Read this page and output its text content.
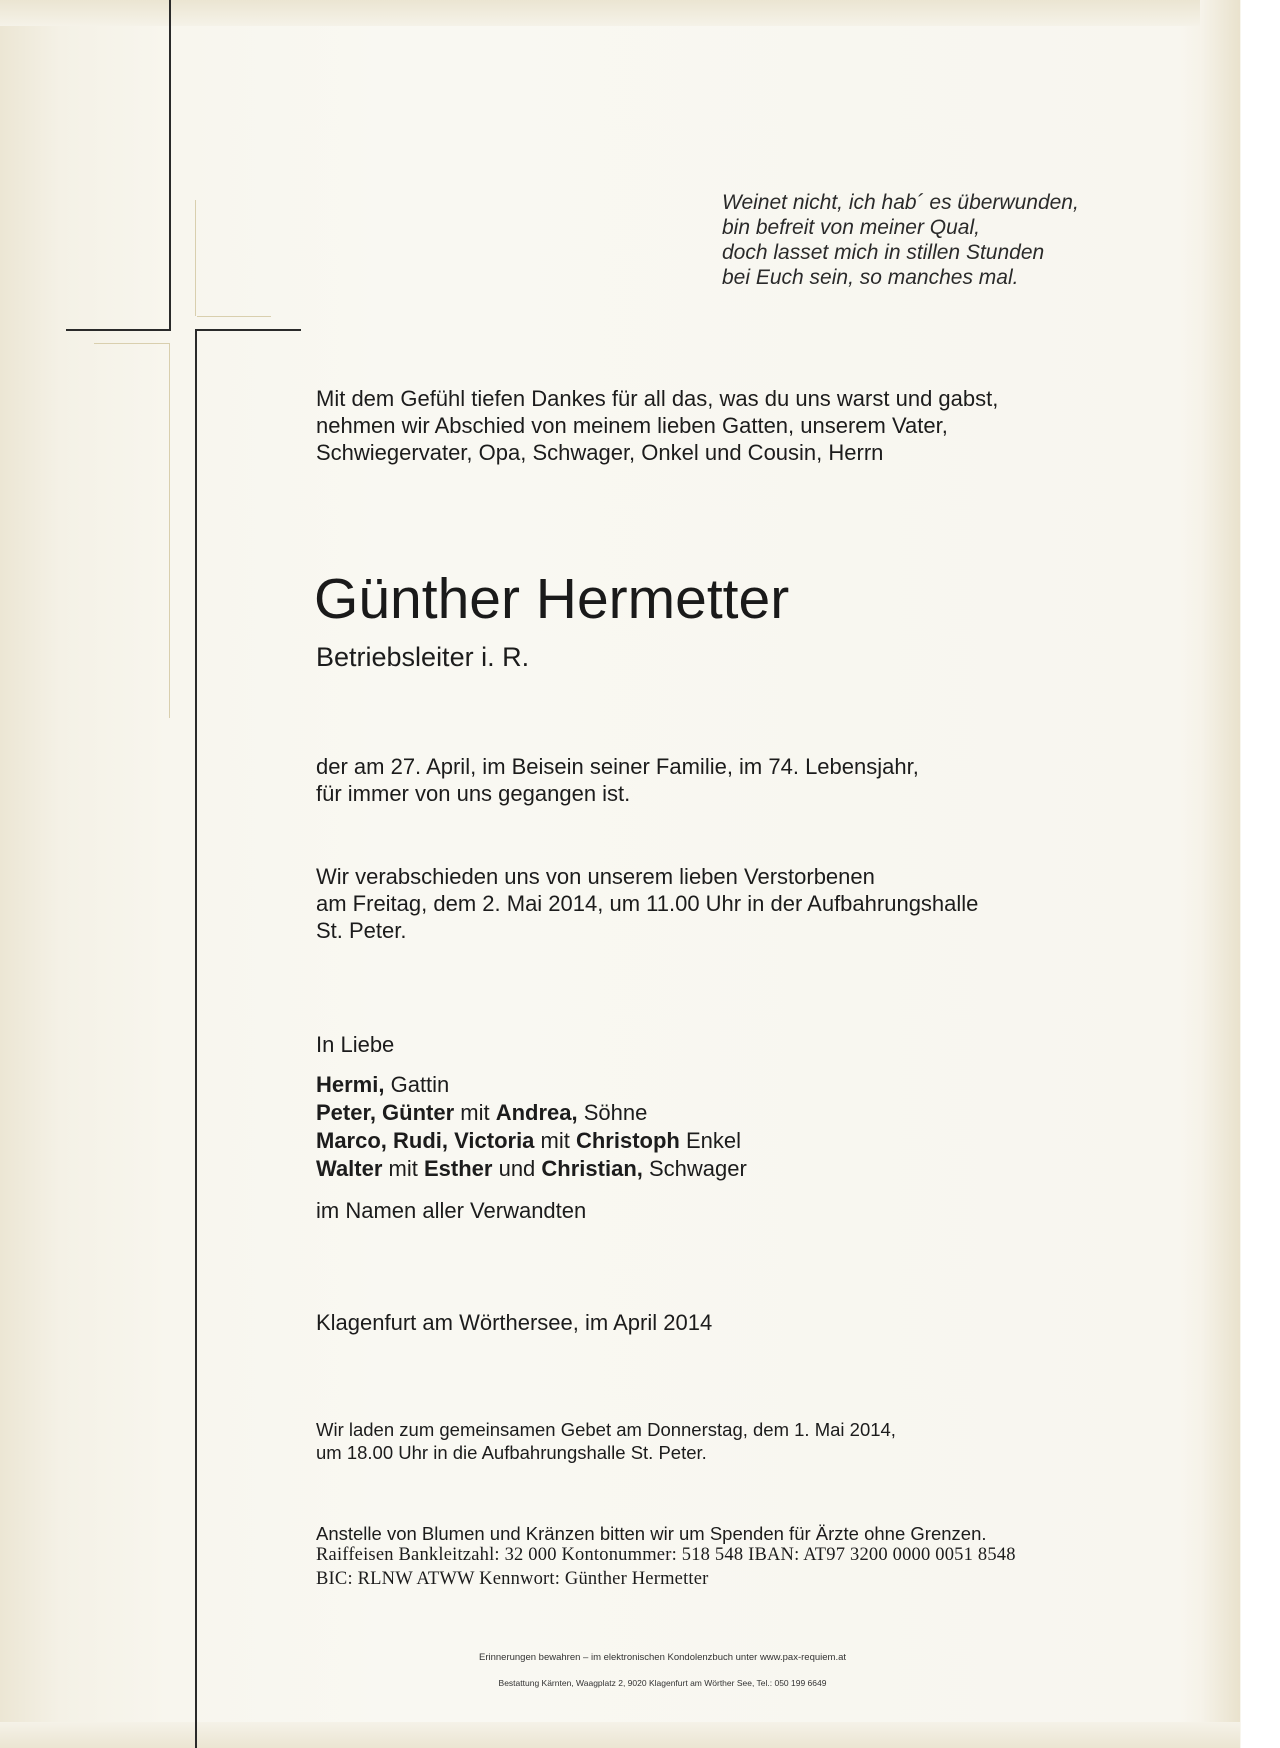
Weinet nicht, ich hab´ es überwunden,
bin befreit von meiner Qual,
doch lasset mich in stillen Stunden
bei Euch sein, so manches mal.
Mit dem Gefühl tiefen Dankes für all das, was du uns warst und gabst,
nehmen wir Abschied von meinem lieben Gatten, unserem Vater,
Schwiegervater, Opa, Schwager, Onkel und Cousin, Herrn
Günther Hermetter
Betriebsleiter i. R.
der am 27. April, im Beisein seiner Familie, im 74. Lebensjahr,
für immer von uns gegangen ist.
Wir verabschieden uns von unserem lieben Verstorbenen
am Freitag, dem 2. Mai 2014, um 11.00 Uhr in der Aufbahrungshalle
St. Peter.
In Liebe
Hermi, Gattin
Peter, Günter mit Andrea, Söhne
Marco, Rudi, Victoria mit Christoph Enkel
Walter mit Esther und Christian, Schwager
im Namen aller Verwandten
Klagenfurt am Wörthersee, im April 2014
Wir laden zum gemeinsamen Gebet am Donnerstag, dem 1. Mai 2014,
um 18.00 Uhr in die Aufbahrungshalle St. Peter.
Anstelle von Blumen und Kränzen bitten wir um Spenden für Ärzte ohne Grenzen.
Raiffeisen Bankleitzahl: 32 000 Kontonummer: 518 548 IBAN: AT97 3200 0000 0051 8548
BIC: RLNW ATWW Kennwort: Günther Hermetter
Erinnerungen bewahren – im elektronischen Kondolenzbuch unter www.pax-requiem.at
Bestattung Kärnten, Waagplatz 2, 9020 Klagenfurt am Wörther See, Tel.: 050 199 6649
